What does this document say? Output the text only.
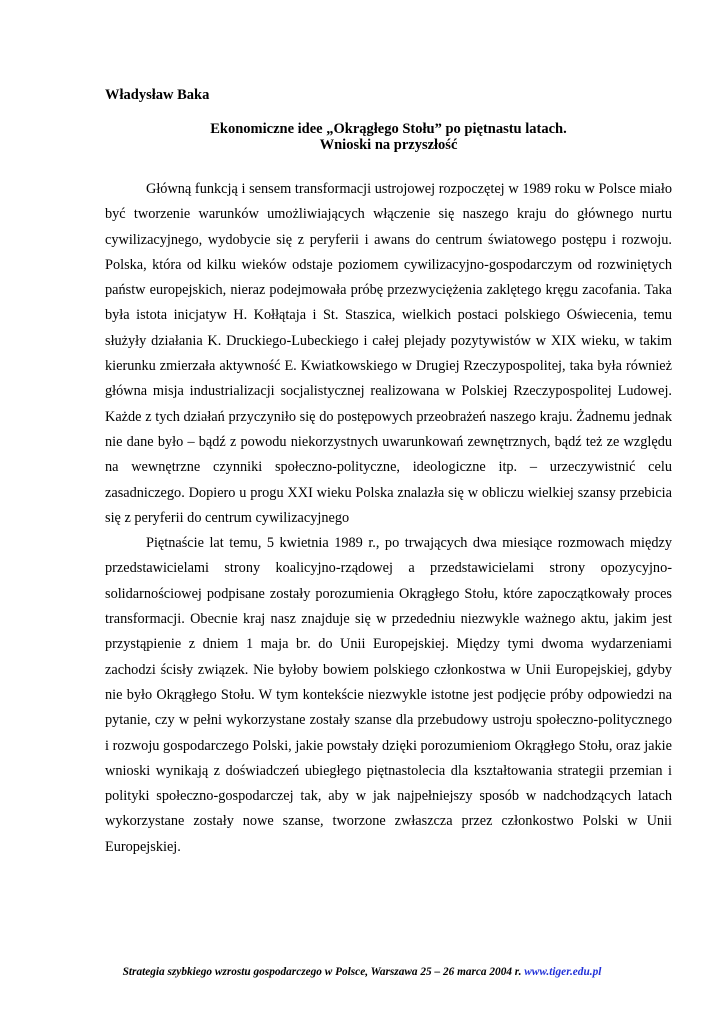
Władysław Baka
Ekonomiczne idee „Okrągłego Stołu” po piętnastu latach.
Wnioski na przyszłość

Główną funkcją i sensem transformacji ustrojowej rozpoczętej w 1989 roku w Polsce miało być tworzenie warunków umożliwiających włączenie się naszego kraju do głównego nurtu cywilizacyjnego, wydobycie się z peryferii i awans do centrum światowego postępu i rozwoju. Polska, która od kilku wieków odstaje poziomem cywilizacyjno-gospodarczym od rozwiniętych państw europejskich, nieraz podejmowała próbę przezwyciężenia zaklętego kręgu zacofania. Taka była istota inicjatyw H. Kołłątaja i St. Staszica, wielkich postaci polskiego Oświecenia, temu służyły działania K. Druckiego-Lubeckiego i całej plejady pozytywistów w XIX wieku, w takim kierunku zmierzała aktywność E. Kwiatkowskiego w Drugiej Rzeczypospolitej, taka była również główna misja industrializacji socjalistycznej realizowana w Polskiej Rzeczypospolitej Ludowej. Każde z tych działań przyczyniło się do postępowych przeobrażeń naszego kraju. Żadnemu jednak nie dane było – bądź z powodu niekorzystnych uwarunkowań zewnętrznych, bądź też ze względu na wewnętrzne czynniki społeczno-polityczne, ideologiczne itp. – urzeczywistnić celu zasadniczego. Dopiero u progu XXI wieku Polska znalazła się w obliczu wielkiej szansy przebicia się z peryferii do centrum cywilizacyjnego

Piętnaście lat temu, 5 kwietnia 1989 r., po trwających dwa miesiące rozmowach między przedstawicielami strony koalicyjno-rządowej a przedstawicielami strony opozycyjno-solidarnościowej podpisane zostały porozumienia Okrągłego Stołu, które zapoczątkowały proces transformacji. Obecnie kraj nasz znajduje się w przededniu niezwykle ważnego aktu, jakim jest przystąpienie z dniem 1 maja br. do Unii Europejskiej. Między tymi dwoma wydarzeniami zachodzi ścisły związek. Nie byłoby bowiem polskiego członkostwa w Unii Europejskiej, gdyby nie było Okrągłego Stołu. W tym kontekście niezwykle istotne jest podjęcie próby odpowiedzi na pytanie, czy w pełni wykorzystane zostały szanse dla przebudowy ustroju społeczno-politycznego i rozwoju gospodarczego Polski, jakie powstały dzięki porozumieniom Okrągłego Stołu, oraz jakie wnioski wynikają z doświadczeń ubiegłego piętnastolecia dla kształtowania strategii przemian i polityki społeczno-gospodarczej tak, aby w jak najpełniejszy sposób w nadchodzących latach wykorzystane zostały nowe szanse, tworzone zwłaszcza przez członkostwo Polski w Unii Europejskiej.

Strategia szybkiego wzrostu gospodarczego w Polsce, Warszawa 25 – 26 marca 2004 r. www.tiger.edu.pl
